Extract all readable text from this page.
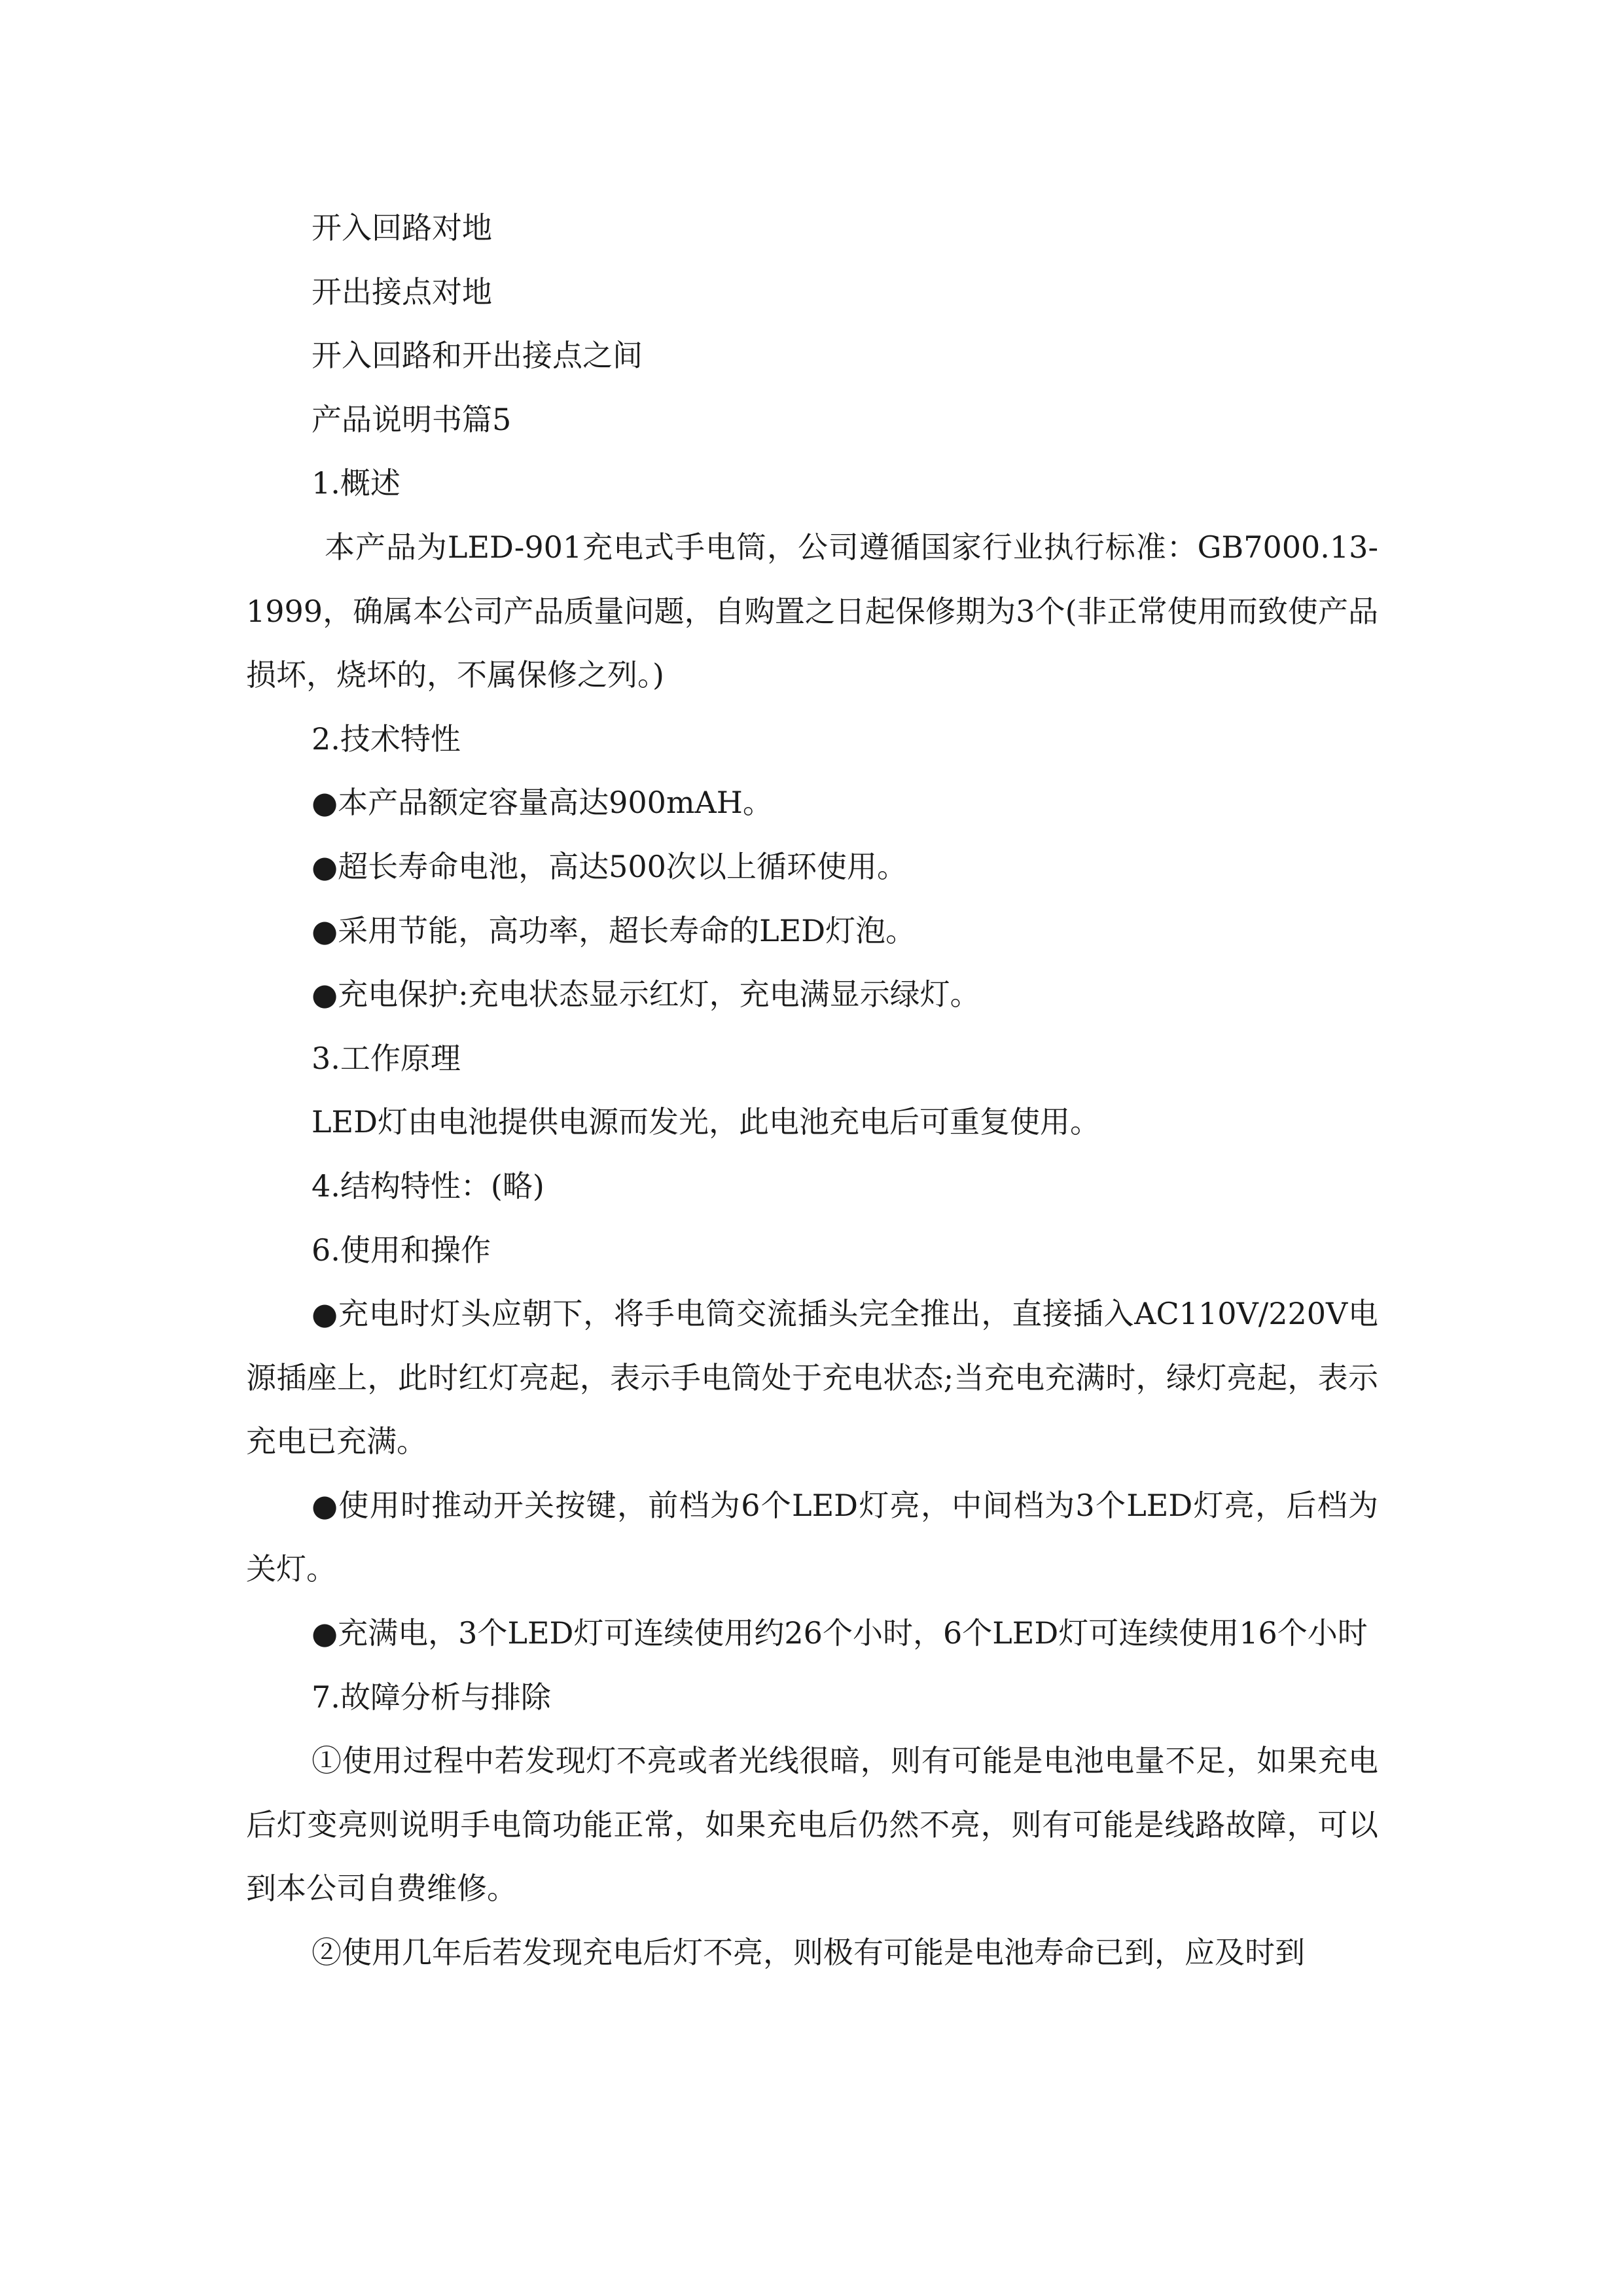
开入回路对地

开出接点对地

开入回路和开出接点之间

产品说明书篇5

1.概述

本产品为LED-901充电式手电筒，公司遵循国家行业执行标准：GB7000.13-1999，确属本公司产品质量问题，自购置之日起保修期为3个(非正常使用而致使产品损坏，烧坏的，不属保修之列。)

2.技术特性

●本产品额定容量高达900mAH。

●超长寿命电池，高达500次以上循环使用。

●采用节能，高功率，超长寿命的LED灯泡。

●充电保护:充电状态显示红灯，充电满显示绿灯。

3.工作原理

LED灯由电池提供电源而发光，此电池充电后可重复使用。

4.结构特性：(略)

6.使用和操作

●充电时灯头应朝下，将手电筒交流插头完全推出，直接插入AC110V/220V电源插座上，此时红灯亮起，表示手电筒处于充电状态;当充电充满时，绿灯亮起，表示充电已充满。

●使用时推动开关按键，前档为6个LED灯亮，中间档为3个LED灯亮，后档为关灯。

●充满电，3个LED灯可连续使用约26个小时，6个LED灯可连续使用16个小时

7.故障分析与排除

①使用过程中若发现灯不亮或者光线很暗，则有可能是电池电量不足，如果充电后灯变亮则说明手电筒功能正常，如果充电后仍然不亮，则有可能是线路故障，可以到本公司自费维修。

②使用几年后若发现充电后灯不亮，则极有可能是电池寿命已到，应及时到
